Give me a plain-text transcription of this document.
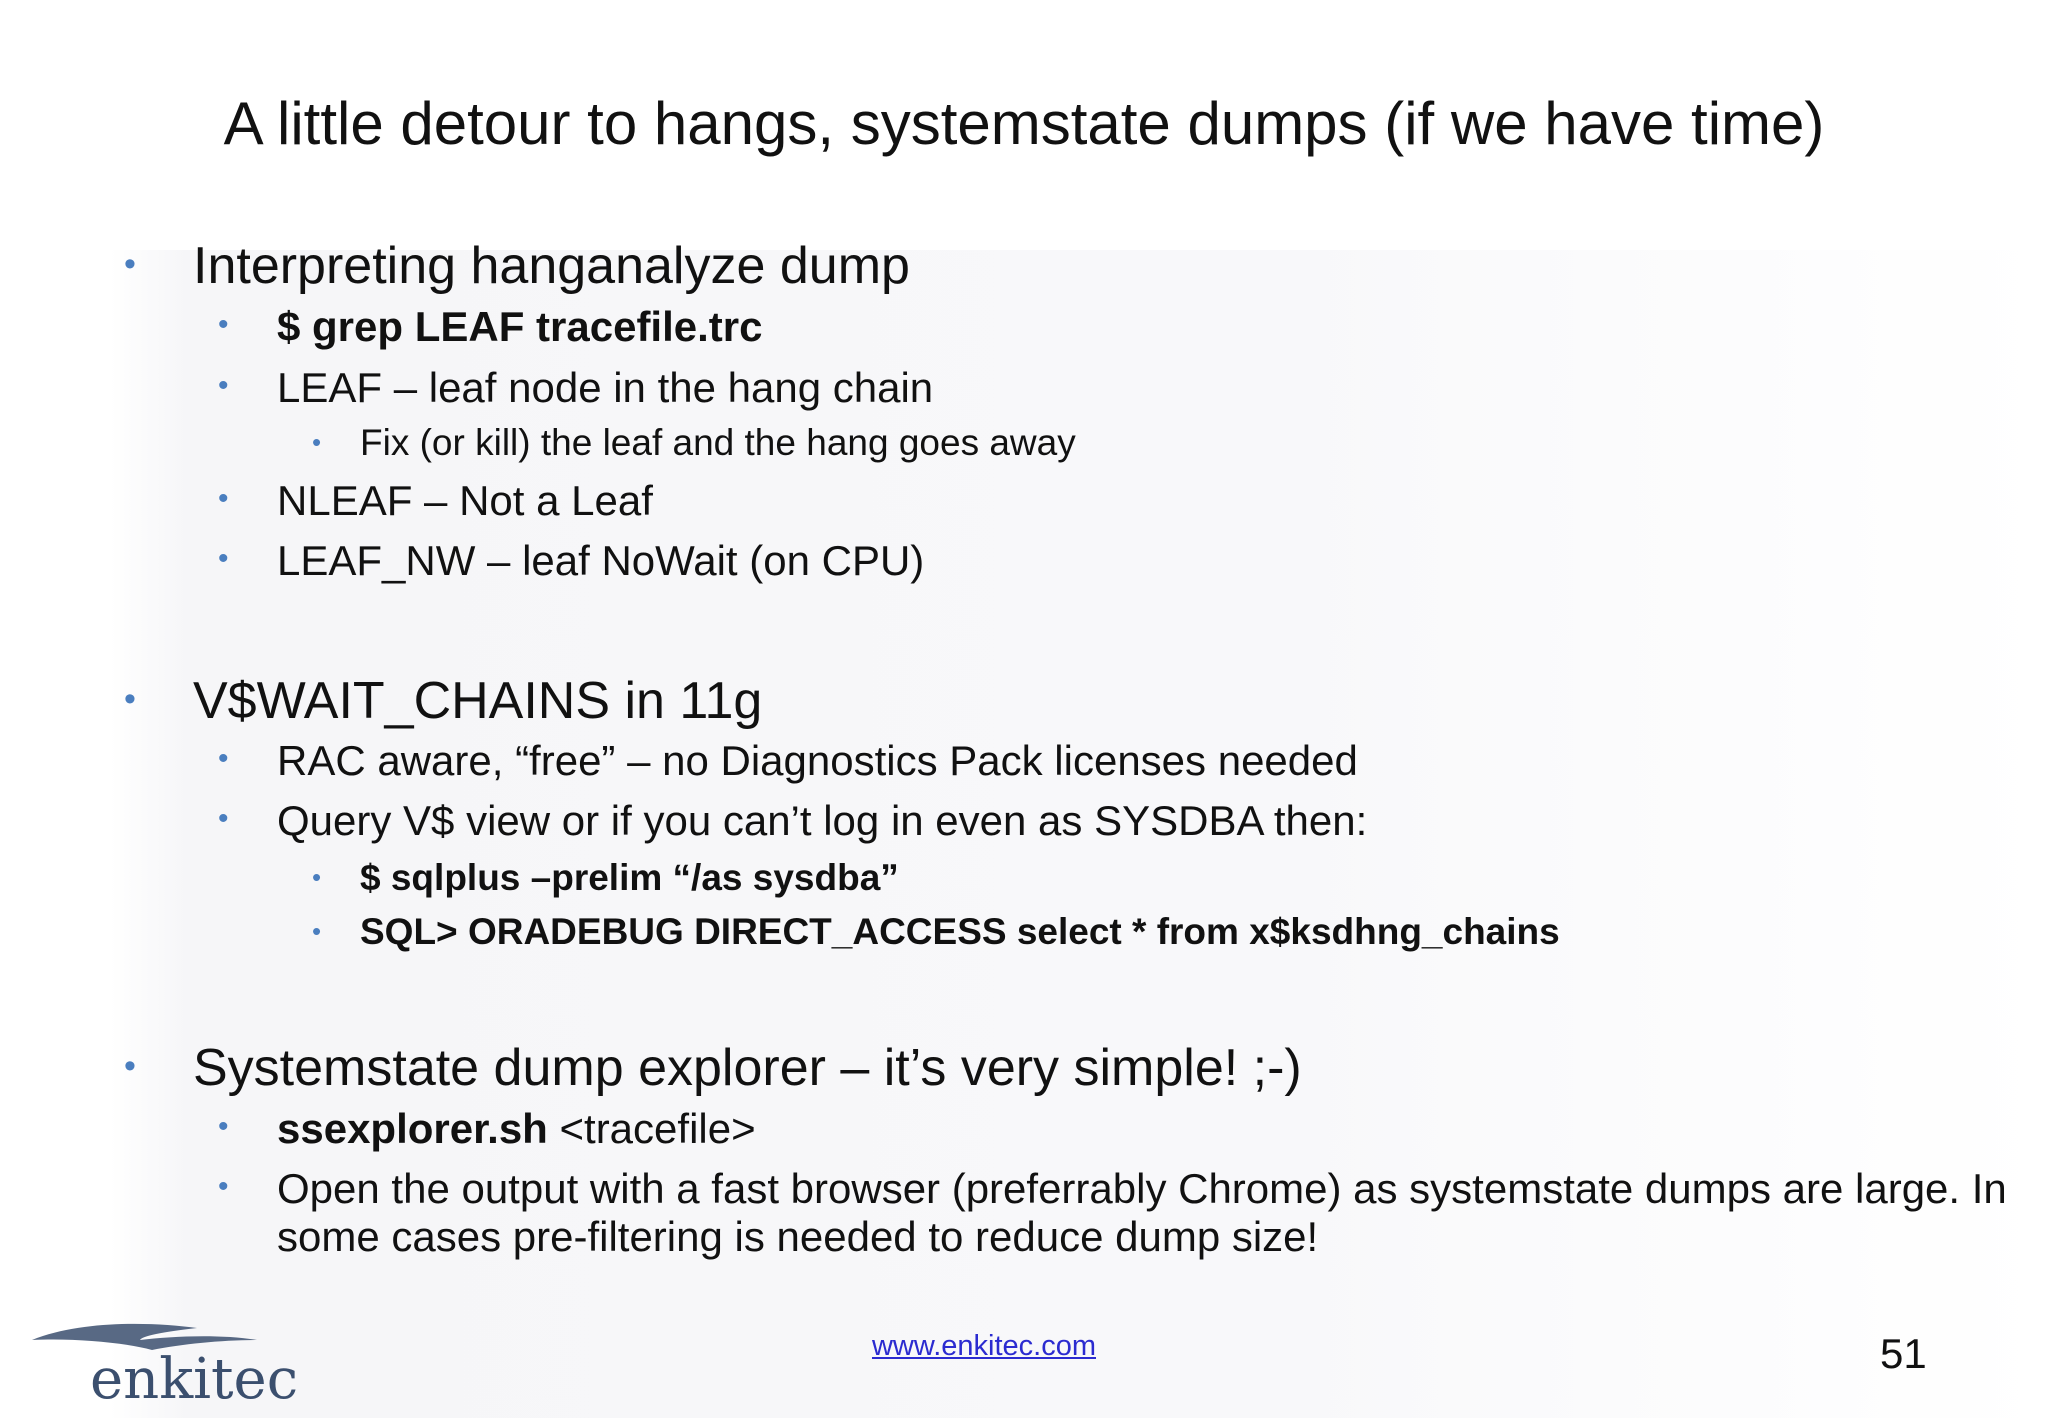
A little detour to hangs, systemstate dumps (if we have time)
• Interpreting hanganalyze dump
• $ grep LEAF tracefile.trc
• LEAF – leaf node in the hang chain
• Fix (or kill) the leaf and the hang goes away
• NLEAF – Not a Leaf
• LEAF_NW – leaf NoWait (on CPU)
• V$WAIT_CHAINS in 11g
• RAC aware, “free” – no Diagnostics Pack licenses needed
• Query V$ view or if you can’t log in even as SYSDBA then:
• $ sqlplus –prelim “/as sysdba”
• SQL> ORADEBUG DIRECT_ACCESS select * from x$ksdhng_chains
• Systemstate dump explorer – it’s very simple! ;-)
• ssexplorer.sh <tracefile>
• Open the output with a fast browser (preferrably Chrome) as systemstate dumps are large. In some cases pre-filtering is needed to reduce dump size!
enkitec
www.enkitec.com	51
